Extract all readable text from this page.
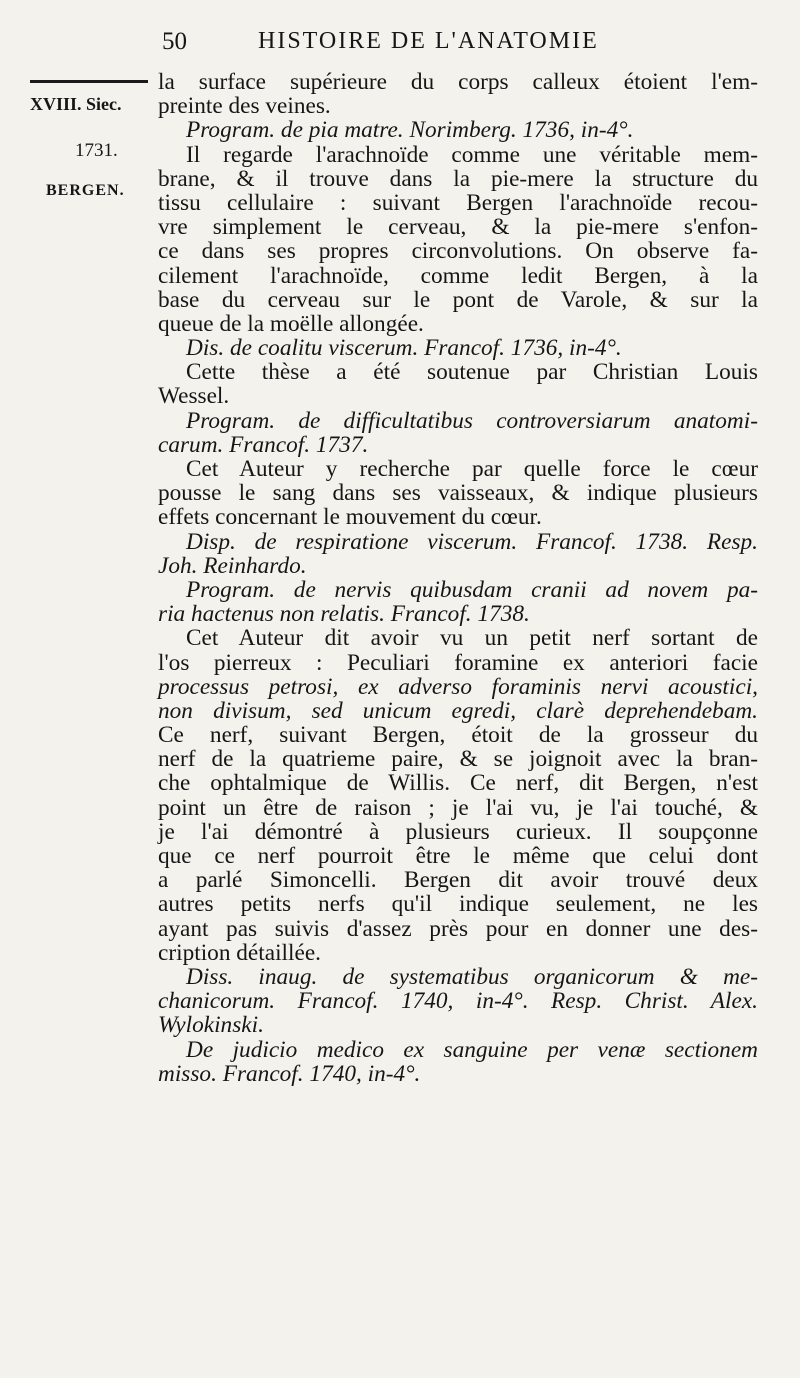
50	HISTOIRE DE L'ANATOMIE
XVIII. Siec.
1731.
BERGEN.
la surface supérieure du corps calleux étoient l'em-
preinte des veines.
Program. de pia matre. Norimberg. 1736, in-4°.
Il regarde l'arachnoïde comme une véritable mem-
brane, & il trouve dans la pie-mere la structure du
tissu cellulaire : suivant Bergen l'arachnoïde recou-
vre simplement le cerveau, & la pie-mere s'enfon-
ce dans ses propres circonvolutions. On observe fa-
cilement l'arachnoïde, comme ledit Bergen, à la
base du cerveau sur le pont de Varole, & sur la
queue de la moëlle allongée.
Dis. de coalitu viscerum. Francof. 1736, in-4°.
Cette thèse a été soutenue par Christian Louis
Wessel.
Program. de difficultatibus controversiarum anatomi-
carum. Francof. 1737.
Cet Auteur y recherche par quelle force le cœur
pousse le sang dans ses vaisseaux, & indique plusieurs
effets concernant le mouvement du cœur.
Disp. de respiratione viscerum. Francof. 1738. Resp.
Joh. Reinhardo.
Program. de nervis quibusdam cranii ad novem pa-
ria hactenus non relatis. Francof. 1738.
Cet Auteur dit avoir vu un petit nerf sortant de
l'os pierreux : Peculiari foramine ex anteriori facie
processus petrosi, ex adverso foraminis nervi acoustici,
non divisum, sed unicum egredi, clarè deprehendebam.
Ce nerf, suivant Bergen, étoit de la grosseur du
nerf de la quatrieme paire, & se joignoit avec la bran-
che ophtalmique de Willis. Ce nerf, dit Bergen, n'est
point un être de raison ; je l'ai vu, je l'ai touché, &
je l'ai démontré à plusieurs curieux. Il soupçonne
que ce nerf pourroit être le même que celui dont
a parlé Simoncelli. Bergen dit avoir trouvé deux
autres petits nerfs qu'il indique seulement, ne les
ayant pas suivis d'assez près pour en donner une des-
cription détaillée.
Diss. inaug. de systematibus organicorum & me-
chanicorum. Francof. 1740, in-4°. Resp. Christ. Alex.
Wylokinski.
De judicio medico ex sanguine per venæ sectionem
misso. Francof. 1740, in-4°.
